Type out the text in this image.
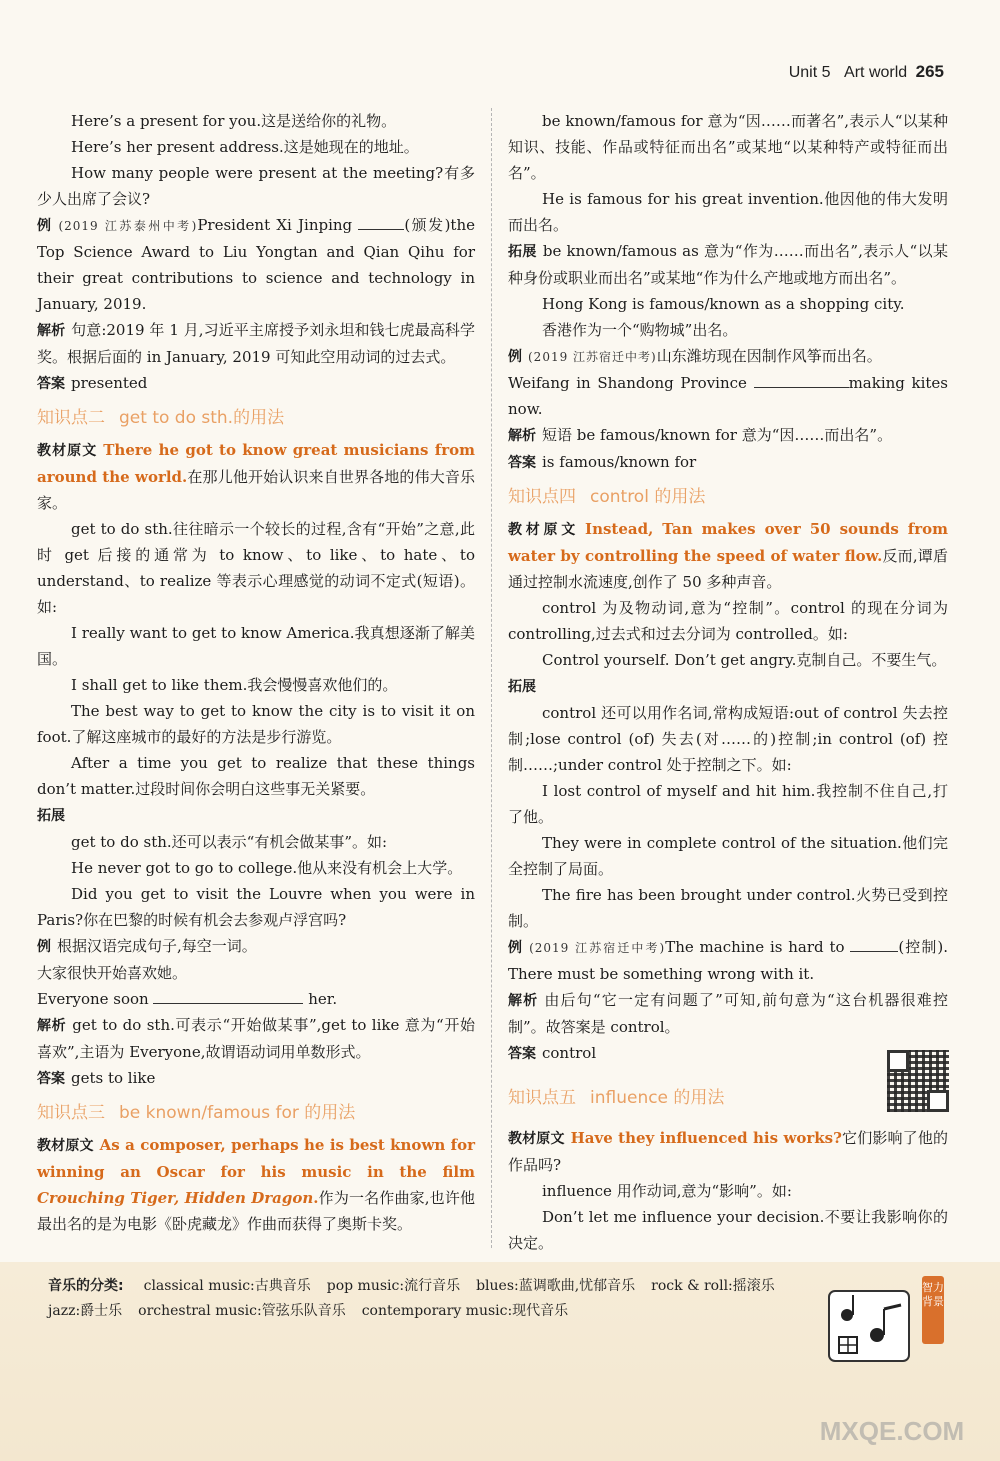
Unit 5 Art world 265

Here’s a present for you.这是送给你的礼物。

Here’s her present address.这是她现在的地址。

How many people were present at the meeting?有多少人出席了会议?

例 (2019 江苏泰州中考)President Xi Jinping	(颁发)the Top Science Award to Liu Yongtan and Qian Qihu for their great contributions to science and technology in January, 2019.

解析 句意:2019 年 1 月,习近平主席授予刘永坦和钱七虎最高科学奖。根据后面的 in January, 2019 可知此空用动词的过去式。

答案 presented

知识点二 get to do sth.的用法

教材原文 There he got to know great musicians from around the world.在那儿他开始认识来自世界各地的伟大音乐家。

get to do sth.往往暗示一个较长的过程,含有“开始”之意,此时 get 后接的通常为 to know、to like、to hate、to understand、to realize 等表示心理感觉的动词不定式(短语)。如:

I really want to get to know America.我真想逐渐了解美国。

I shall get to like them.我会慢慢喜欢他们的。

The best way to get to know the city is to visit it on foot.了解这座城市的最好的方法是步行游览。

After a time you get to realize that these things don’t matter.过段时间你会明白这些事无关紧要。

拓展

get to do sth.还可以表示“有机会做某事”。如:

He never got to go to college.他从来没有机会上大学。

Did you get to visit the Louvre when you were in Paris?你在巴黎的时候有机会去参观卢浮宫吗?

例 根据汉语完成句子,每空一词。

大家很快开始喜欢她。

Everyone soon	her.

解析 get to do sth.可表示“开始做某事”,get to like 意为“开始喜欢”,主语为 Everyone,故谓语动词用单数形式。

答案 gets to like

知识点三 be known/famous for 的用法

教材原文 As a composer, perhaps he is best known for winning an Oscar for his music in the film Crouching Tiger, Hidden Dragon.作为一名作曲家,也许他最出名的是为电影《卧虎藏龙》作曲而获得了奥斯卡奖。

be known/famous for 意为“因……而著名”,表示人“以某种知识、技能、作品或特征而出名”或某地“以某种特产或特征而出名”。

He is famous for his great invention.他因他的伟大发明而出名。

拓展 be known/famous as 意为“作为……而出名”,表示人“以某种身份或职业而出名”或某地“作为什么产地或地方而出名”。

Hong Kong is famous/known as a shopping city.

香港作为一个“购物城”出名。

例 (2019 江苏宿迁中考)山东潍坊现在因制作风筝而出名。

Weifang in Shandong Province	making kites now.

解析 短语 be famous/known for 意为“因……而出名”。

答案 is famous/known for

知识点四 control 的用法

教材原文 Instead, Tan makes over 50 sounds from water by controlling the speed of water flow.反而,谭盾通过控制水流速度,创作了 50 多种声音。

control 为及物动词,意为“控制”。control 的现在分词为 controlling,过去式和过去分词为 controlled。如:

Control yourself. Don’t get angry.克制自己。不要生气。

拓展

control 还可以用作名词,常构成短语:out of control 失去控制;lose control (of) 失去(对……的)控制;in control (of) 控制……;under control 处于控制之下。如:

I lost control of myself and hit him.我控制不住自己,打了他。

They were in complete control of the situation.他们完全控制了局面。

The fire has been brought under control.火势已受到控制。

例 (2019 江苏宿迁中考)The machine is hard to	(控制). There must be something wrong with it.

解析 由后句“它一定有问题了”可知,前句意为“这台机器很难控制”。故答案是 control。

答案 control

知识点五 influence 的用法

教材原文 Have they influenced his works?它们影响了他的作品吗?

influence 用作动词,意为“影响”。如:

Don’t let me influence your decision.不要让我影响你的决定。

音乐的分类: classical music:古典音乐 pop music:流行音乐 blues:蓝调歌曲,忧郁音乐 rock & roll:摇滚乐jazz:爵士乐 orchestral music:管弦乐队音乐 contemporary music:现代音乐
智力背景
MXQE.COM
